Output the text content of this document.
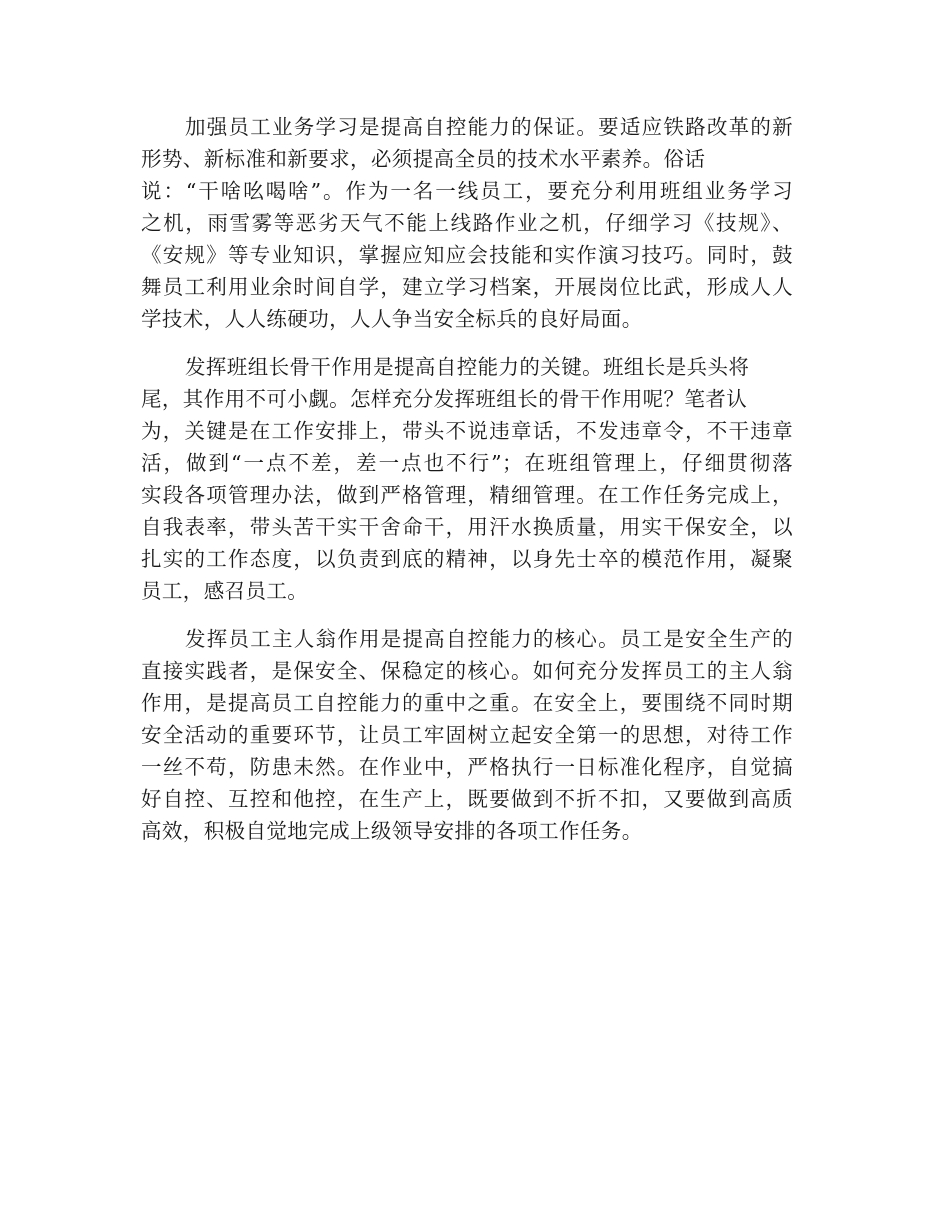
加强员工业务学习是提高自控能力的保证。要适应铁路改革的新
形势、新标准和新要求，必须提高全员的技术水平素养。俗话
说：“干啥吆喝啥”。作为一名一线员工，要充分利用班组业务学习
之机，雨雪雾等恶劣天气不能上线路作业之机，仔细学习《技规》、
《安规》等专业知识，掌握应知应会技能和实作演习技巧。同时，鼓
舞员工利用业余时间自学，建立学习档案，开展岗位比武，形成人人
学技术，人人练硬功，人人争当安全标兵的良好局面。
发挥班组长骨干作用是提高自控能力的关键。班组长是兵头将
尾，其作用不可小觑。怎样充分发挥班组长的骨干作用呢？笔者认
为，关键是在工作安排上，带头不说违章话，不发违章令，不干违章
活，做到“一点不差，差一点也不行”；在班组管理上，仔细贯彻落
实段各项管理办法，做到严格管理，精细管理。在工作任务完成上，
自我表率，带头苦干实干舍命干，用汗水换质量，用实干保安全，以
扎实的工作态度，以负责到底的精神，以身先士卒的模范作用，凝聚
员工，感召员工。
发挥员工主人翁作用是提高自控能力的核心。员工是安全生产的
直接实践者，是保安全、保稳定的核心。如何充分发挥员工的主人翁
作用，是提高员工自控能力的重中之重。在安全上，要围绕不同时期
安全活动的重要环节，让员工牢固树立起安全第一的思想，对待工作
一丝不苟，防患未然。在作业中，严格执行一日标准化程序，自觉搞
好自控、互控和他控，在生产上，既要做到不折不扣，又要做到高质
高效，积极自觉地完成上级领导安排的各项工作任务。
